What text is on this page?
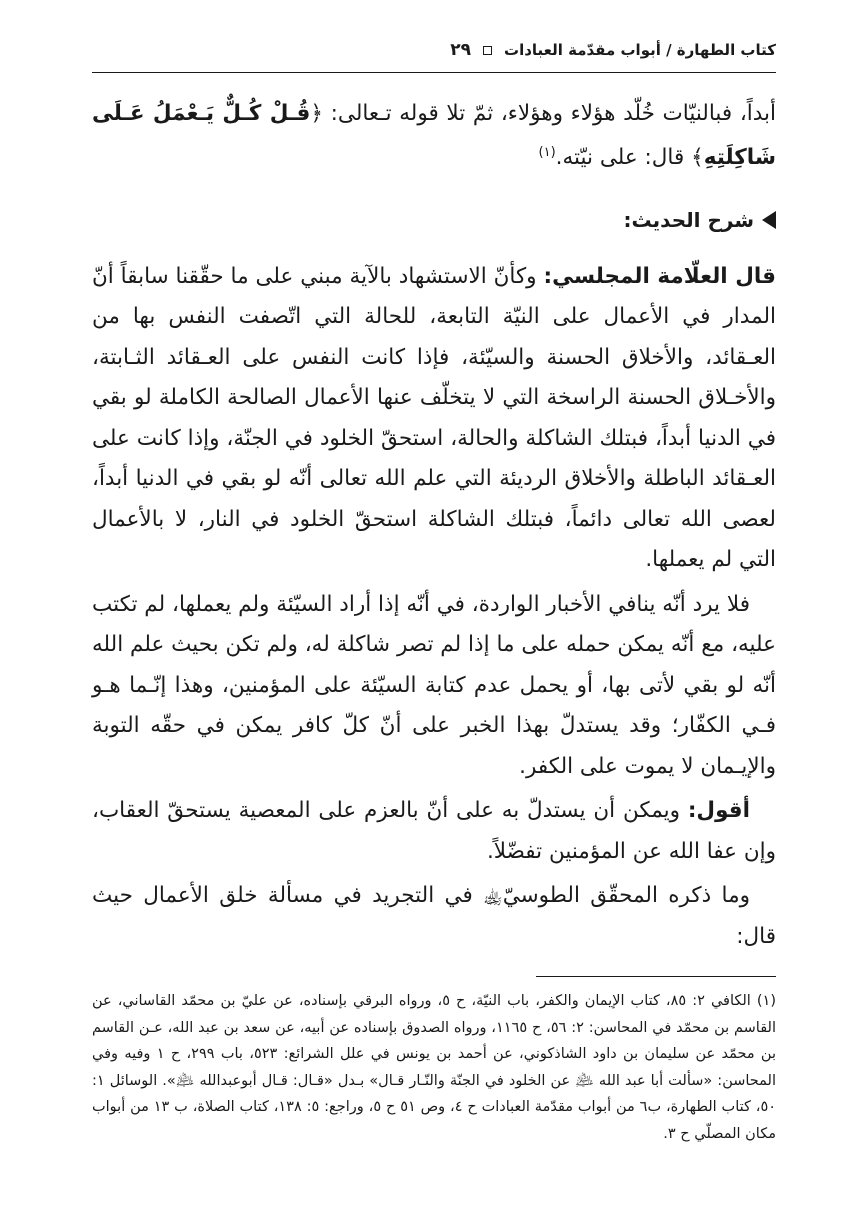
كتاب الطهارة / أبواب مقدّمة العبادات
٢٩

أبداً، فبالنيّات خُلّد هؤلاء وهؤلاء، ثمّ تلا قوله تـعالى: ﴿قُـلْ كُـلٌّ يَـعْمَلُ عَـلَى شَاكِلَتِهِ﴾ قال: على نيّته.$^{(١)}$

شرح الحديث:

قال العلّامة المجلسي: وكأنّ الاستشهاد بالآية مبني على ما حقّقنا سابقاً أنّ المدار في الأعمال على النيّة التابعة، للحالة التي اتّصفت النفس بها من العـقائد، والأخلاق الحسنة والسيّئة، فإذا كانت النفس على العـقائد الثـابتة، والأخـلاق الحسنة الراسخة التي لا يتخلّف عنها الأعمال الصالحة الكاملة لو بقي في الدنيا أبداً، فبتلك الشاكلة والحالة، استحقّ الخلود في الجنّة، وإذا كانت على العـقائد الباطلة والأخلاق الرديئة التي علم الله تعالى أنّه لو بقي في الدنيا أبداً، لعصى الله تعالى دائماً، فبتلك الشاكلة استحقّ الخلود في النار، لا بالأعمال التي لم يعملها.

فلا يرد أنّه ينافي الأخبار الواردة، في أنّه إذا أراد السيّئة ولم يعملها، لم تكتب عليه، مع أنّه يمكن حمله على ما إذا لم تصر شاكلة له، ولم تكن بحيث علم الله أنّه لو بقي لأتى بها، أو يحمل عدم كتابة السيّئة على المؤمنين، وهذا إنّـما هـو فـي الكفّار؛ وقد يستدلّ بهذا الخبر على أنّ كلّ كافر يمكن في حقّه التوبة والإيـمان لا يموت على الكفر.

أقول: ويمكن أن يستدلّ به على أنّ بالعزم على المعصية يستحقّ العقاب، وإن عفا الله عن المؤمنين تفضّلاً.

وما ذكره المحقّق الطوسيّ﵀ في التجريد في مسألة خلق الأعمال حيث قال:

(١) الكافي ٢: ٨٥، كتاب الإيمان والكفر، باب النيّة، ح ٥، ورواه البرقي بإسناده، عن عليّ بن محمّد القاساني، عن القاسم بن محمّد في المحاسن: ٢: ٥٦، ح ١١٦٥، ورواه الصدوق بإسناده عن أبيه، عن سعد بن عبد الله، عـن القاسم بن محمّد عن سليمان بن داود الشاذكوني، عن أحمد بن يونس في علل الشرائع: ٥٢٣، باب ٢٩٩، ح ١ وفيه وفي المحاسن: «سألت أبا عبد الله ﵇ عن الخلود في الجنّة والنّـار قـال» بـدل «قـال: قـال أبوعبدالله ﵇». الوسائل ١: ٥٠، كتاب الطهارة، ب٦ من أبواب مقدّمة العبادات ح ٤، وص ٥١ ح ٥، وراجع: ٥: ١٣٨، كتاب الصلاة، ب ١٣ من أبواب مكان المصلّي ح ٣.
